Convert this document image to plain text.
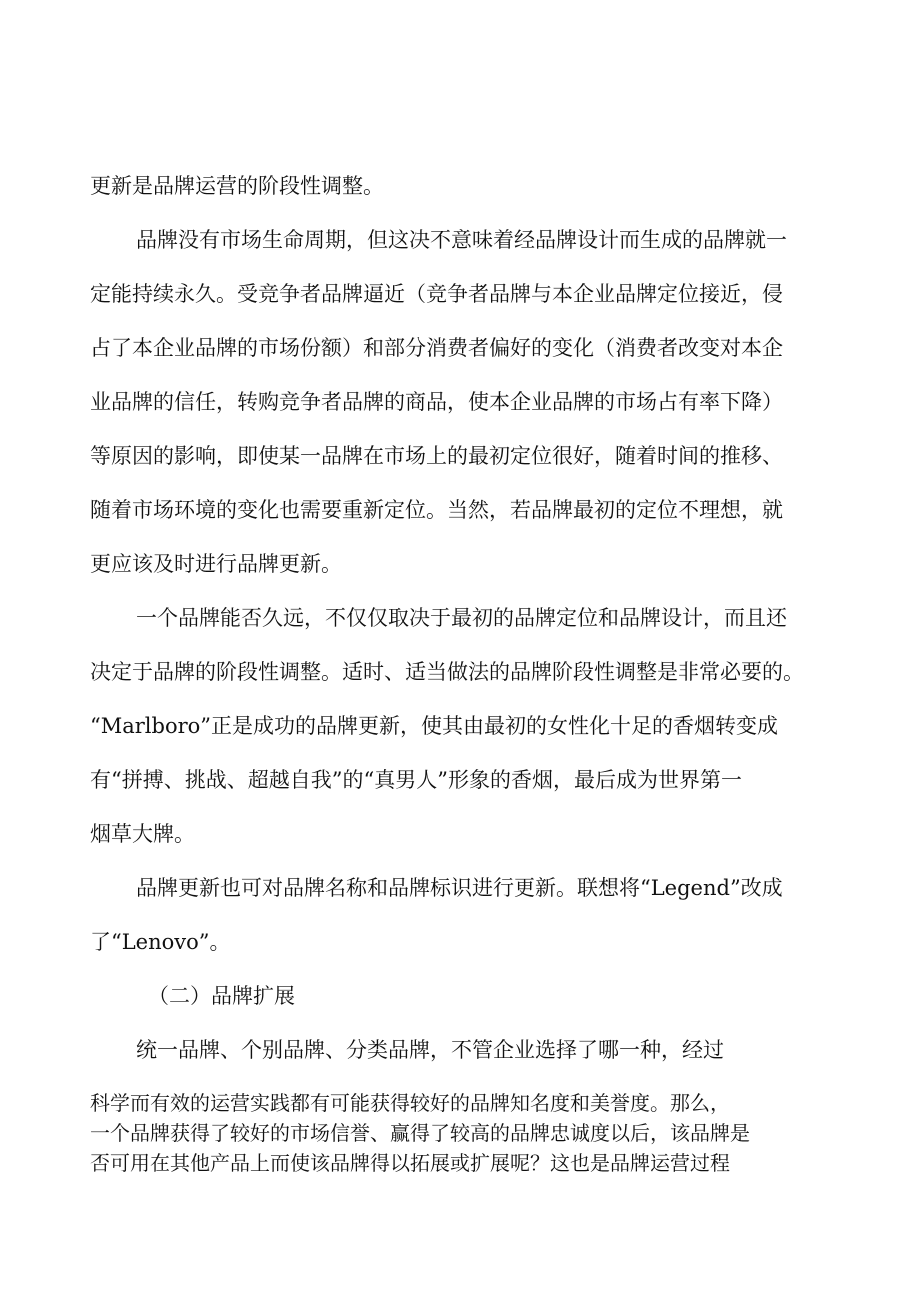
更新是品牌运营的阶段性调整。

品牌没有市场生命周期，但这决不意味着经品牌设计而生成的品牌就一

定能持续永久。受竞争者品牌逼近（竞争者品牌与本企业品牌定位接近，侵

占了本企业品牌的市场份额）和部分消费者偏好的变化（消费者改变对本企

业品牌的信任，转购竞争者品牌的商品，使本企业品牌的市场占有率下降）

等原因的影响，即使某一品牌在市场上的最初定位很好，随着时间的推移、

随着市场环境的变化也需要重新定位。当然，若品牌最初的定位不理想，就

更应该及时进行品牌更新。

一个品牌能否久远，不仅仅取决于最初的品牌定位和品牌设计，而且还

决定于品牌的阶段性调整。适时、适当做法的品牌阶段性调整是非常必要的。

“Marlboro”正是成功的品牌更新，使其由最初的女性化十足的香烟转变成

有“拼搏、挑战、超越自我”的“真男人”形象的香烟，最后成为世界第一

烟草大牌。

品牌更新也可对品牌名称和品牌标识进行更新。联想将“Legend”改成

了“Lenovo”。

（二）品牌扩展

统一品牌、个别品牌、分类品牌，不管企业选择了哪一种，经过

科学而有效的运营实践都有可能获得较好的品牌知名度和美誉度。那么，

一个品牌获得了较好的市场信誉、赢得了较高的品牌忠诚度以后，该品牌是

否可用在其他产品上而使该品牌得以拓展或扩展呢？这也是品牌运营过程
